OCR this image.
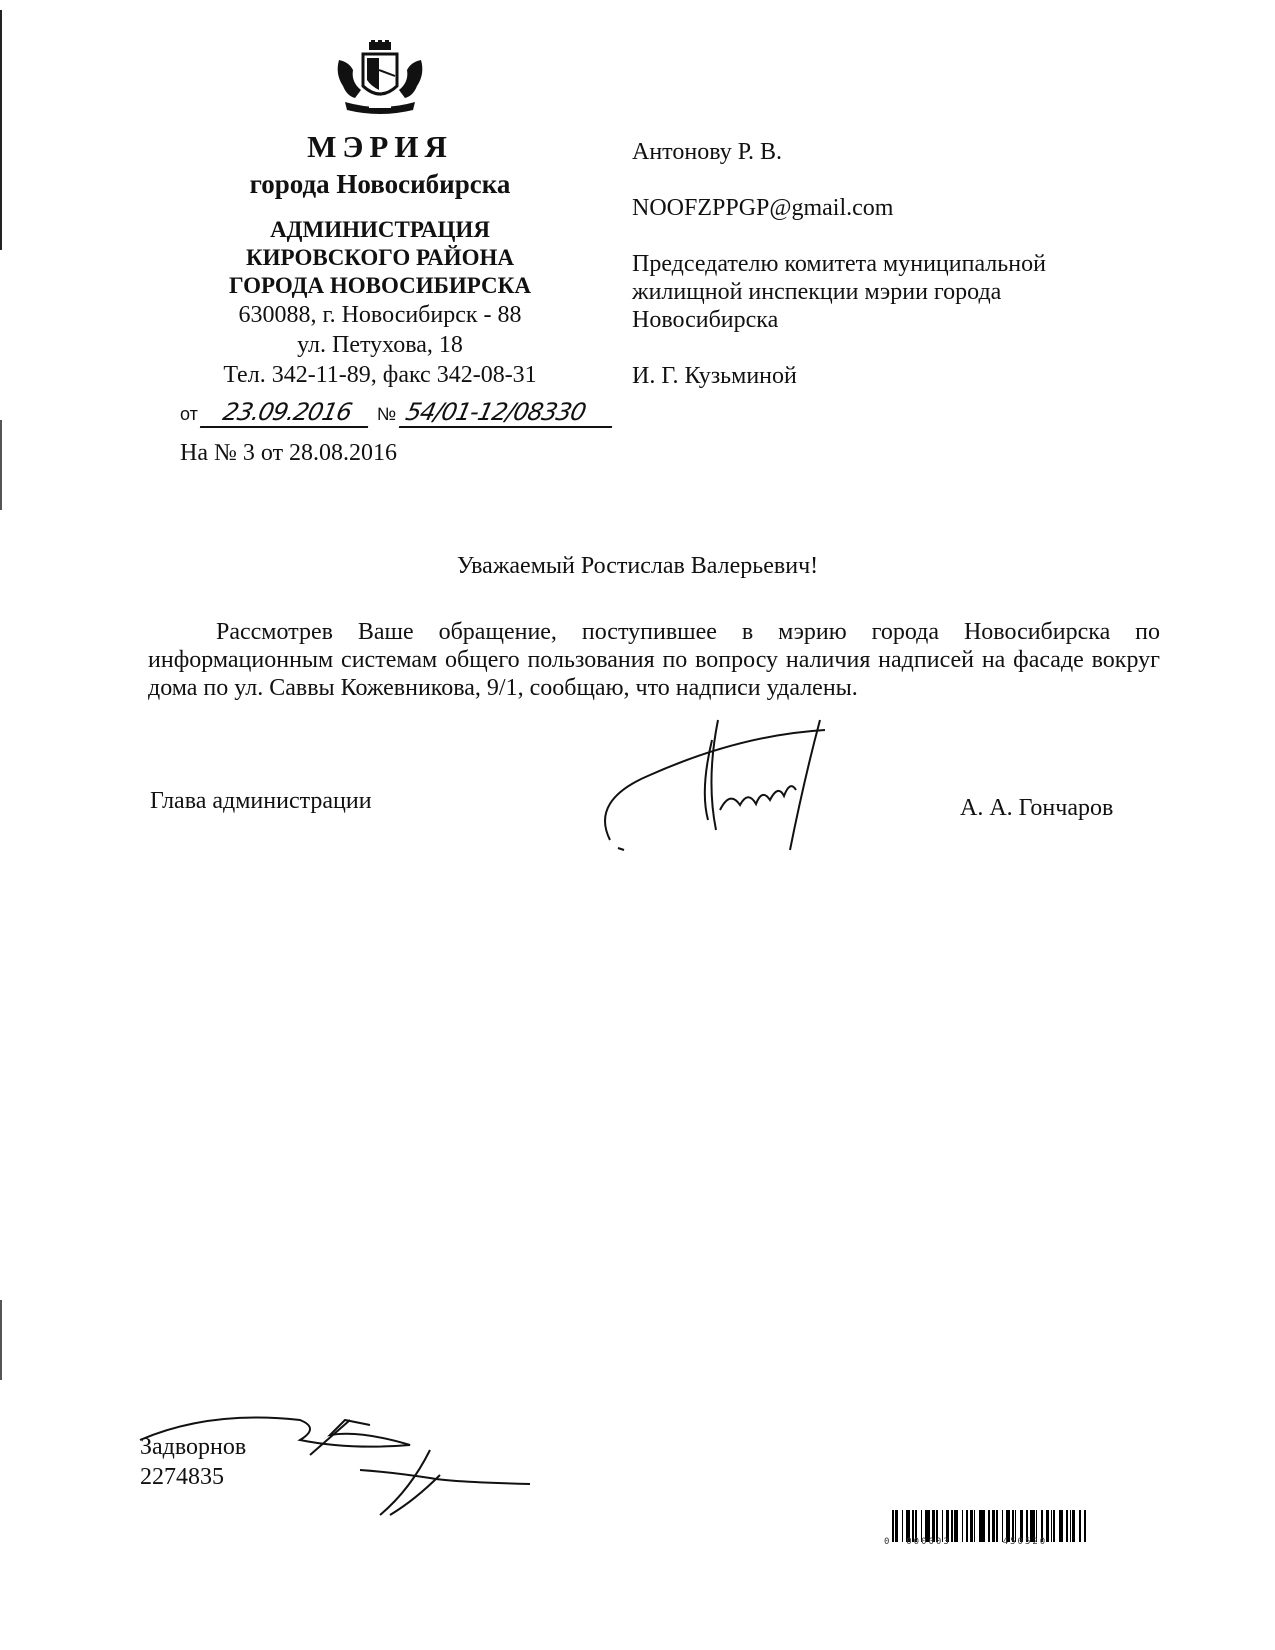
МЭРИЯ
города Новосибирска
АДМИНИСТРАЦИЯ
КИРОВСКОГО РАЙОНА
ГОРОДА НОВОСИБИРСКА
630088, г. Новосибирск - 88
ул. Петухова, 18
Тел. 342-11-89, факс 342-08-31
от 23.09.2016 № 54/01-12/08330
На № 3 от 28.08.2016

Антонову Р. В.

NOOFZPPGP@gmail.com

Председателю комитета муниципальной

жилищной инспекции мэрии города

Новосибирска

И. Г. Кузьминой

Уважаемый Ростислав Валерьевич!
Рассмотрев Ваше обращение, поступившее в мэрию города Новосибирска по информационным системам общего пользования по вопросу наличия надписей на фасаде вокруг дома по ул. Саввы Кожевникова, 9/1, сообщаю, что надписи удалены.
Глава администрации	А. А. Гончаров
Задворнов
2274835
0  000003       450520
